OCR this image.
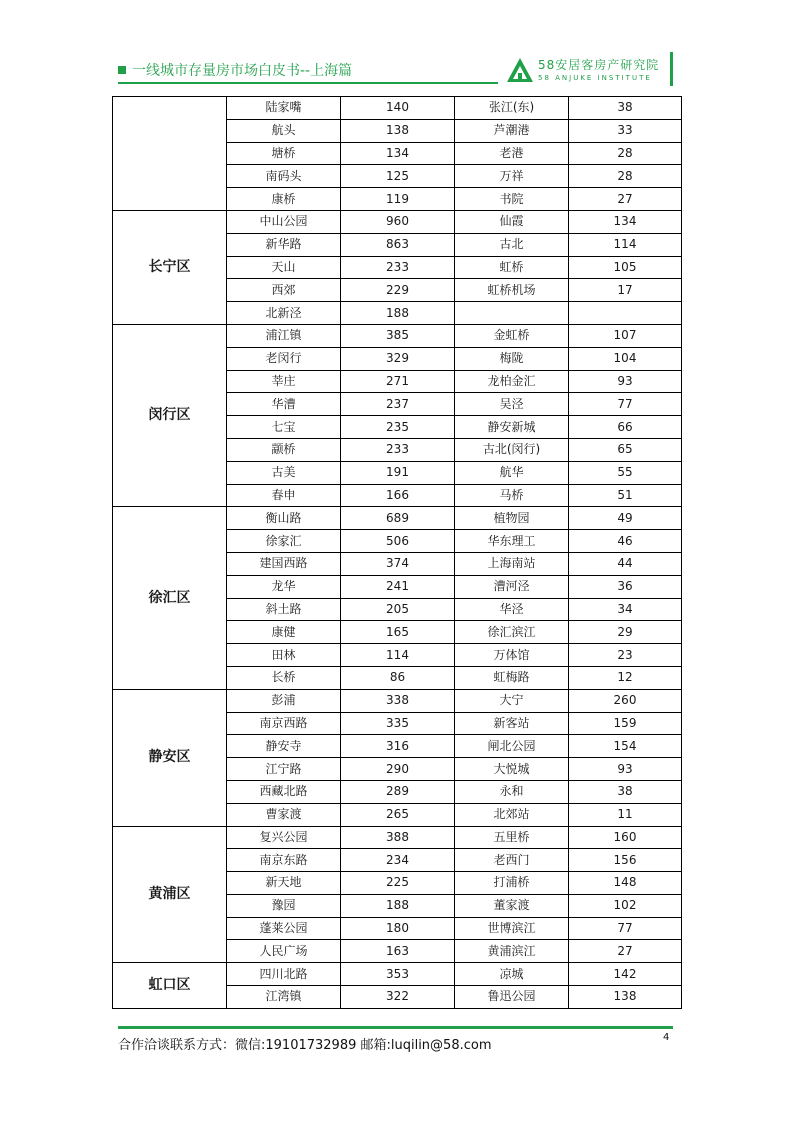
一线城市存量房市场白皮书--上海篇	58安居客房产研究院
58 ANJUKE INSTITUTE
	陆家嘴	140	张江(东)	38
	航头	138	芦潮港	33
	塘桥	134	老港	28
	南码头	125	万祥	28
	康桥	119	书院	27
长宁区	中山公园	960	仙霞	134
	新华路	863	古北	114
	天山	233	虹桥	105
	西郊	229	虹桥机场	17
	北新泾	188		
闵行区	浦江镇	385	金虹桥	107
	老闵行	329	梅陇	104
	莘庄	271	龙柏金汇	93
	华漕	237	吴泾	77
	七宝	235	静安新城	66
	颛桥	233	古北(闵行)	65
	古美	191	航华	55
	春申	166	马桥	51
徐汇区	衡山路	689	植物园	49
	徐家汇	506	华东理工	46
	建国西路	374	上海南站	44
	龙华	241	漕河泾	36
	斜土路	205	华泾	34
	康健	165	徐汇滨江	29
	田林	114	万体馆	23
	长桥	86	虹梅路	12
静安区	彭浦	338	大宁	260
	南京西路	335	新客站	159
	静安寺	316	闸北公园	154
	江宁路	290	大悦城	93
	西藏北路	289	永和	38
	曹家渡	265	北郊站	11
黄浦区	复兴公园	388	五里桥	160
	南京东路	234	老西门	156
	新天地	225	打浦桥	148
	豫园	188	董家渡	102
	蓬莱公园	180	世博滨江	77
	人民广场	163	黄浦滨江	27
虹口区	四川北路	353	凉城	142
	江湾镇	322	鲁迅公园	138
合作洽谈联系方式：微信:19101732989 邮箱:luqilin@58.com
4
